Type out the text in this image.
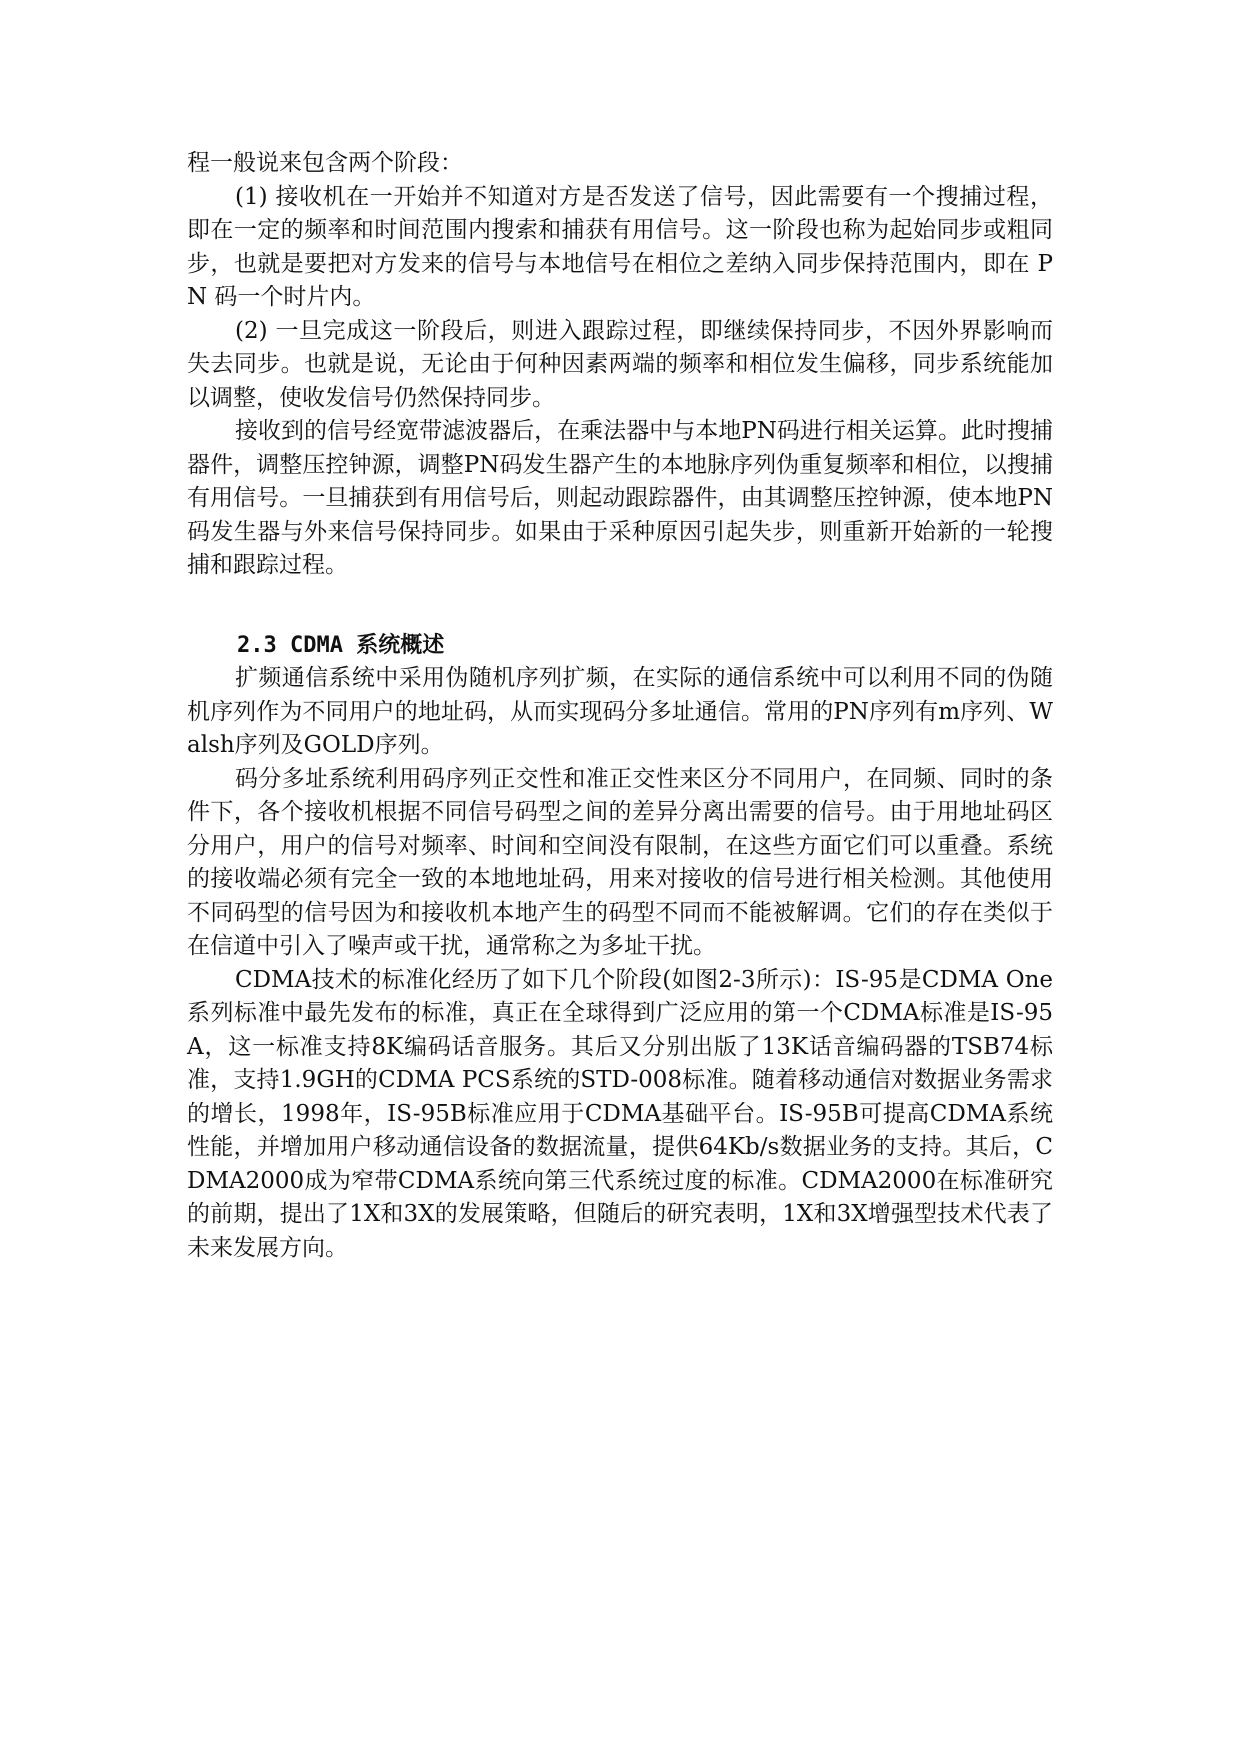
程一般说来包含两个阶段：

(1) 接收机在一开始并不知道对方是否发送了信号，因此需要有一个搜捕过程，即在一定的频率和时间范围内搜索和捕获有用信号。这一阶段也称为起始同步或粗同步，也就是要把对方发来的信号与本地信号在相位之差纳入同步保持范围内，即在 PN 码一个时片内。

(2) 一旦完成这一阶段后，则进入跟踪过程，即继续保持同步，不因外界影响而失去同步。也就是说，无论由于何种因素两端的频率和相位发生偏移，同步系统能加以调整，使收发信号仍然保持同步。

接收到的信号经宽带滤波器后，在乘法器中与本地PN码进行相关运算。此时搜捕器件，调整压控钟源，调整PN码发生器产生的本地脉序列伪重复频率和相位，以搜捕有用信号。一旦捕获到有用信号后，则起动跟踪器件，由其调整压控钟源，使本地PN码发生器与外来信号保持同步。如果由于采种原因引起失步，则重新开始新的一轮搜捕和跟踪过程。

2.3 CDMA 系统概述

扩频通信系统中采用伪随机序列扩频，在实际的通信系统中可以利用不同的伪随机序列作为不同用户的地址码，从而实现码分多址通信。常用的PN序列有m序列、Walsh序列及GOLD序列。

码分多址系统利用码序列正交性和准正交性来区分不同用户，在同频、同时的条件下，各个接收机根据不同信号码型之间的差异分离出需要的信号。由于用地址码区分用户，用户的信号对频率、时间和空间没有限制，在这些方面它们可以重叠。系统的接收端必须有完全一致的本地地址码，用来对接收的信号进行相关检测。其他使用不同码型的信号因为和接收机本地产生的码型不同而不能被解调。它们的存在类似于在信道中引入了噪声或干扰，通常称之为多址干扰。

CDMA技术的标准化经历了如下几个阶段(如图2-3所示)：IS-95是CDMA One系列标准中最先发布的标准，真正在全球得到广泛应用的第一个CDMA标准是IS-95A，这一标准支持8K编码话音服务。其后又分别出版了13K话音编码器的TSB74标准，支持1.9GH的CDMA PCS系统的STD-008标准。随着移动通信对数据业务需求的增长，1998年，IS-95B标准应用于CDMA基础平台。IS-95B可提高CDMA系统性能，并增加用户移动通信设备的数据流量，提供64Kb/s数据业务的支持。其后，CDMA2000成为窄带CDMA系统向第三代系统过度的标准。CDMA2000在标准研究的前期，提出了1X和3X的发展策略，但随后的研究表明，1X和3X增强型技术代表了未来发展方向。
